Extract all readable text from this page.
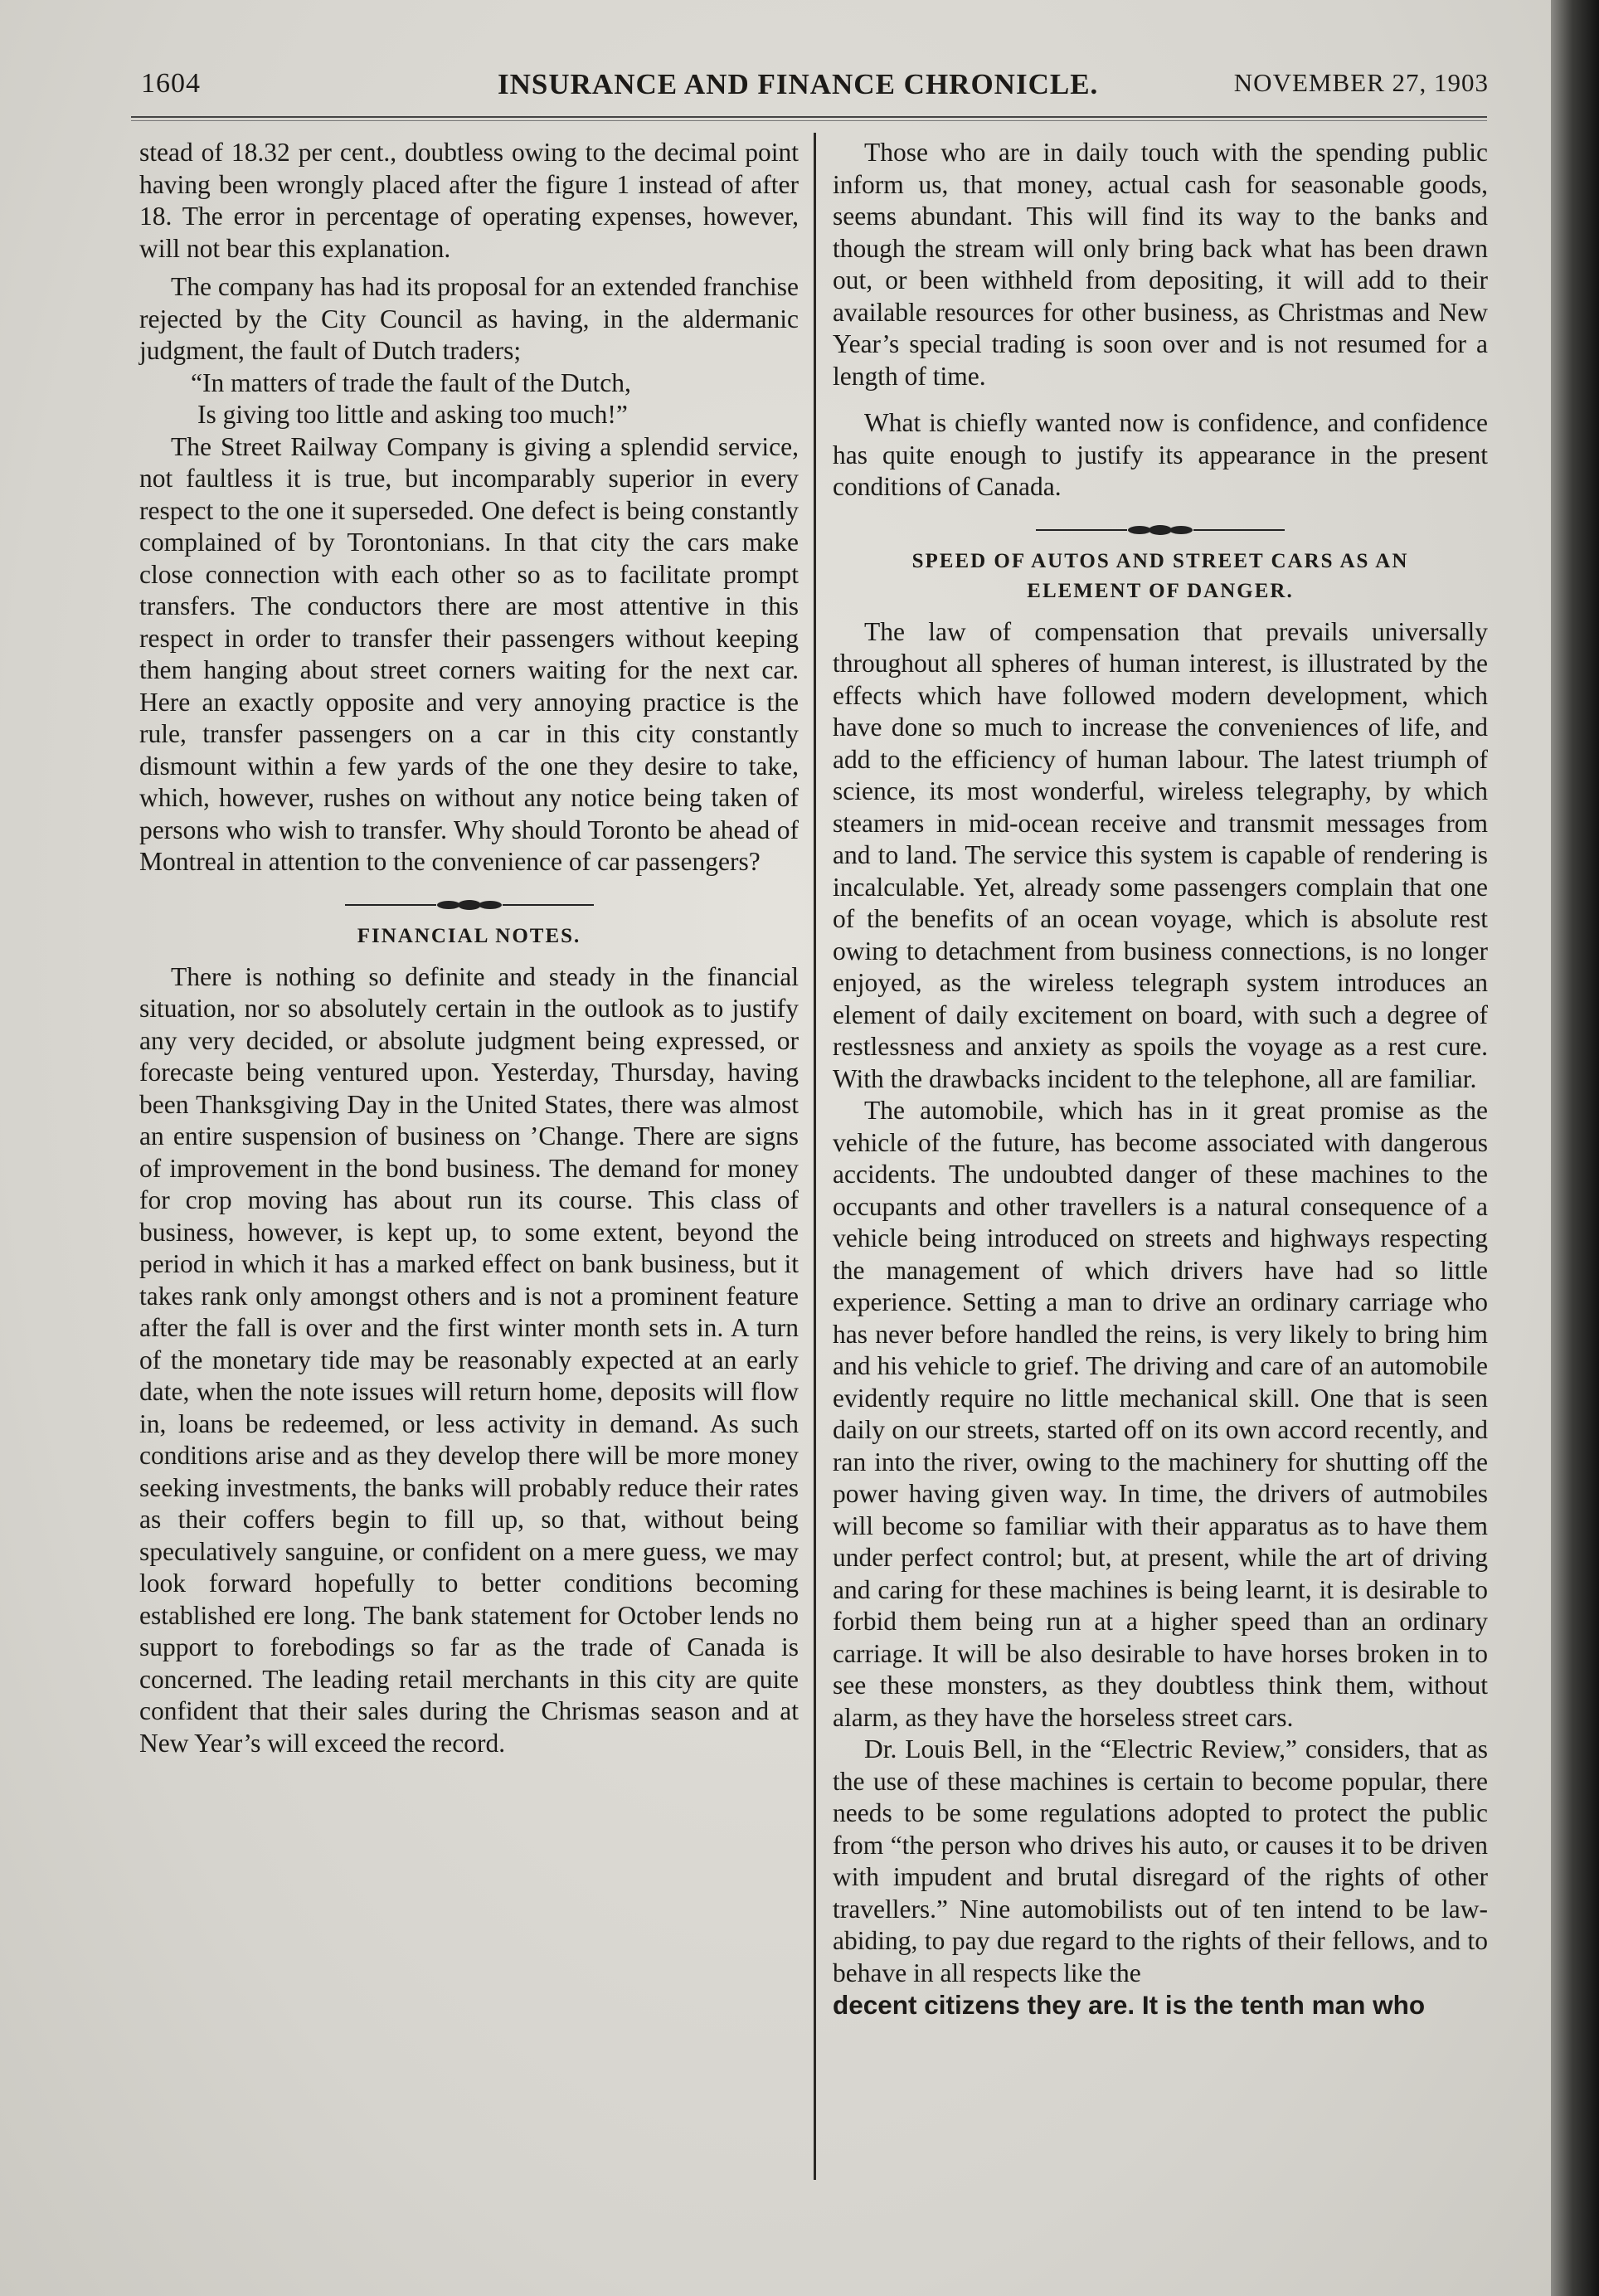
1604	INSURANCE AND FINANCE CHRONICLE.	NOVEMBER 27, 1903

stead of 18.32 per cent., doubtless owing to the decimal point having been wrongly placed after the figure 1 instead of after 18. The error in percentage of operating expenses, however, will not bear this explanation.

The company has had its proposal for an extended franchise rejected by the City Council as having, in the aldermanic judgment, the fault of Dutch traders;

“In matters of trade the fault of the Dutch,

Is giving too little and asking too much!”

The Street Railway Company is giving a splendid service, not faultless it is true, but incomparably superior in every respect to the one it superseded. One defect is being constantly complained of by Torontonians. In that city the cars make close connection with each other so as to facilitate prompt transfers. The conductors there are most attentive in this respect in order to transfer their passengers without keeping them hanging about street corners waiting for the next car. Here an exactly opposite and very annoying practice is the rule, transfer passengers on a car in this city constantly dismount within a few yards of the one they desire to take, which, however, rushes on without any notice being taken of persons who wish to transfer. Why should Toronto be ahead of Montreal in attention to the convenience of car passengers?

FINANCIAL NOTES.

There is nothing so definite and steady in the financial situation, nor so absolutely certain in the outlook as to justify any very decided, or absolute judgment being expressed, or forecaste being ventured upon. Yesterday, Thursday, having been Thanksgiving Day in the United States, there was almost an entire suspension of business on ’Change. There are signs of improvement in the bond business. The demand for money for crop moving has about run its course. This class of business, however, is kept up, to some extent, beyond the period in which it has a marked effect on bank business, but it takes rank only amongst others and is not a prominent feature after the fall is over and the first winter month sets in. A turn of the monetary tide may be reasonably expected at an early date, when the note issues will return home, deposits will flow in, loans be redeemed, or less activity in demand. As such conditions arise and as they develop there will be more money seeking investments, the banks will probably reduce their rates as their coffers begin to fill up, so that, without being speculatively sanguine, or confident on a mere guess, we may look forward hopefully to better conditions becoming established ere long. The bank statement for October lends no support to forebodings so far as the trade of Canada is concerned. The leading retail merchants in this city are quite confident that their sales during the Chrismas season and at New Year’s will exceed the record.

Those who are in daily touch with the spending public inform us, that money, actual cash for seasonable goods, seems abundant. This will find its way to the banks and though the stream will only bring back what has been drawn out, or been withheld from depositing, it will add to their available resources for other business, as Christmas and New Year’s special trading is soon over and is not resumed for a length of time.

What is chiefly wanted now is confidence, and confidence has quite enough to justify its appearance in the present conditions of Canada.

SPEED OF AUTOS AND STREET CARS AS AN
ELEMENT OF DANGER.

The law of compensation that prevails universally throughout all spheres of human interest, is illustrated by the effects which have followed modern development, which have done so much to increase the conveniences of life, and add to the efficiency of human labour. The latest triumph of science, its most wonderful, wireless telegraphy, by which steamers in mid-ocean receive and transmit messages from and to land. The service this system is capable of rendering is incalculable. Yet, already some passengers complain that one of the benefits of an ocean voyage, which is absolute rest owing to detachment from business connections, is no longer enjoyed, as the wireless telegraph system introduces an element of daily excitement on board, with such a degree of restlessness and anxiety as spoils the voyage as a rest cure. With the drawbacks incident to the telephone, all are familiar.

The automobile, which has in it great promise as the vehicle of the future, has become associated with dangerous accidents. The undoubted danger of these machines to the occupants and other travellers is a natural consequence of a vehicle being introduced on streets and highways respecting the management of which drivers have had so little experience. Setting a man to drive an ordinary carriage who has never before handled the reins, is very likely to bring him and his vehicle to grief. The driving and care of an automobile evidently require no little mechanical skill. One that is seen daily on our streets, started off on its own accord recently, and ran into the river, owing to the machinery for shutting off the power having given way. In time, the drivers of autmobiles will become so familiar with their apparatus as to have them under perfect control; but, at present, while the art of driving and caring for these machines is being learnt, it is desirable to forbid them being run at a higher speed than an ordinary carriage. It will be also desirable to have horses broken in to see these monsters, as they doubtless think them, without alarm, as they have the horseless street cars.

Dr. Louis Bell, in the “Electric Review,” considers, that as the use of these machines is certain to become popular, there needs to be some regulations adopted to protect the public from “the person who drives his auto, or causes it to be driven with impudent and brutal disregard of the rights of other travellers.” Nine automobilists out of ten intend to be law-abiding, to pay due regard to the rights of their fellows, and to behave in all respects like the

decent citizens they are. It is the tenth man who
